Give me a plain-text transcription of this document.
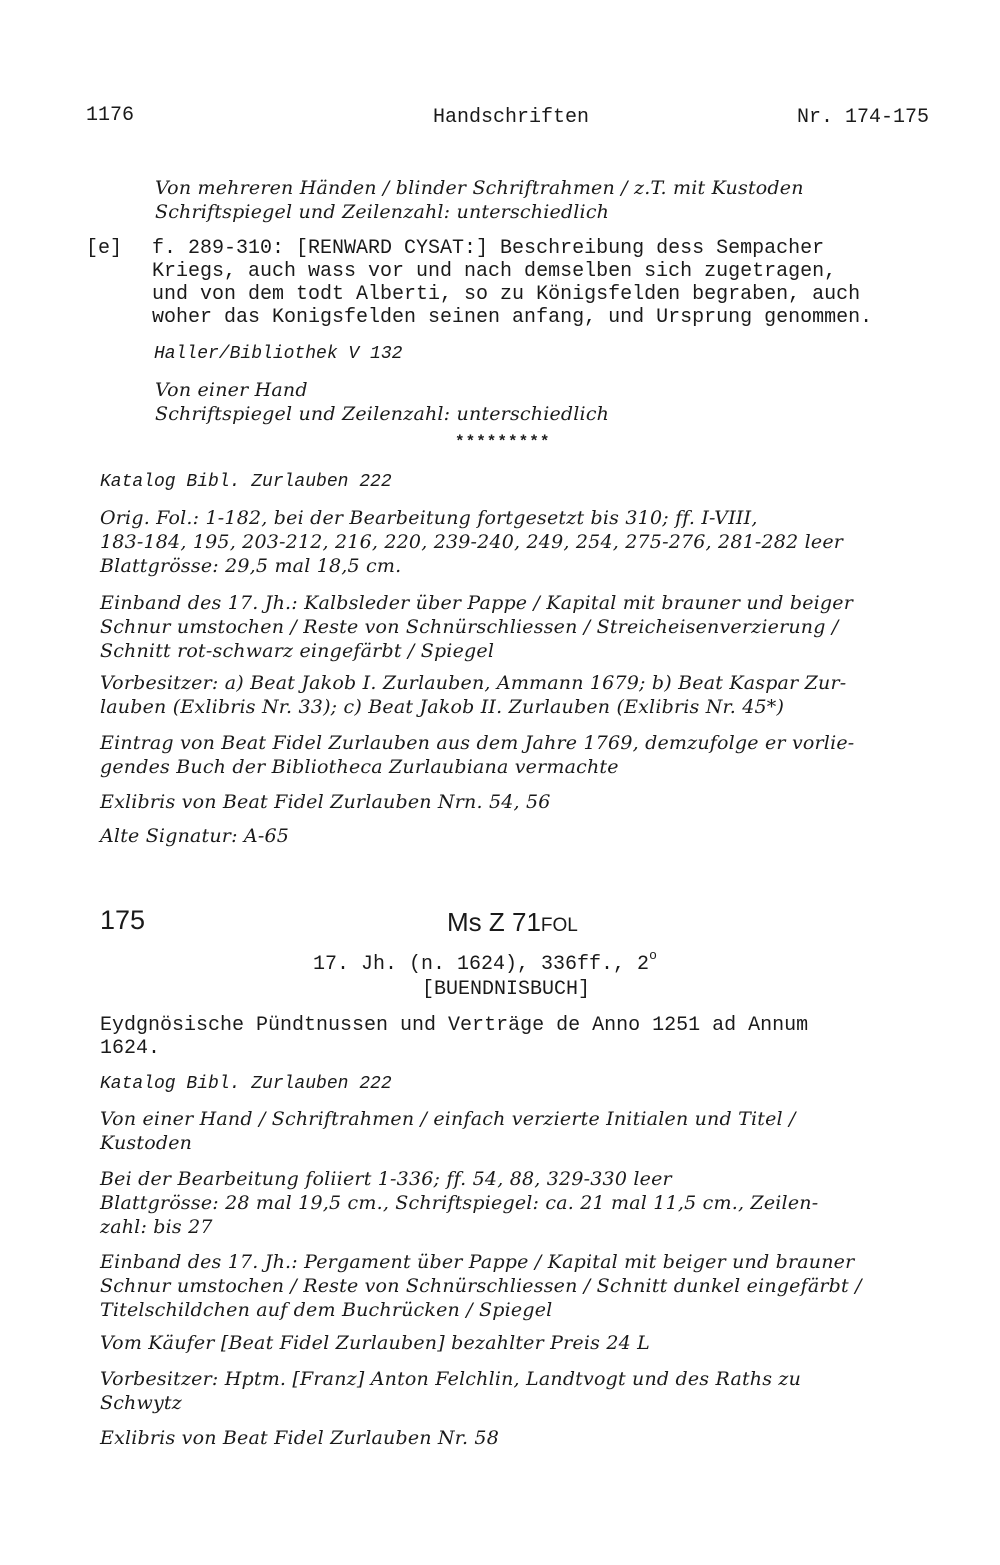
1176	Handschriften	Nr. 174-175
Von mehreren Händen / blinder Schriftrahmen / z.T. mit Kustoden
Schriftspiegel und Zeilenzahl: unterschiedlich
[e] f. 289-310: [RENWARD CYSAT:] Beschreibung dess Sempacher
Kriegs, auch wass vor und nach demselben sich zugetragen,
und von dem todt Alberti, so zu Königsfelden begraben, auch
woher das Konigsfelden seinen anfang, und Ursprung genommen.
Haller/Bibliothek V 132
Von einer Hand
Schriftspiegel und Zeilenzahl: unterschiedlich
*********
Katalog Bibl. Zurlauben 222
Orig. Fol.: 1-182, bei der Bearbeitung fortgesetzt bis 310; ff. I-VIII,
183-184, 195, 203-212, 216, 220, 239-240, 249, 254, 275-276, 281-282 leer
Blattgrösse: 29,5 mal 18,5 cm.
Einband des 17. Jh.: Kalbsleder über Pappe / Kapital mit brauner und beiger
Schnur umstochen / Reste von Schnürschliessen / Streicheisenverzierung /
Schnitt rot-schwarz eingefärbt / Spiegel
Vorbesitzer: a) Beat Jakob I. Zurlauben, Ammann 1679; b) Beat Kaspar Zur-
lauben (Exlibris Nr. 33); c) Beat Jakob II. Zurlauben (Exlibris Nr. 45*)
Eintrag von Beat Fidel Zurlauben aus dem Jahre 1769, demzufolge er vorlie-
gendes Buch der Bibliotheca Zurlaubiana vermachte
Exlibris von Beat Fidel Zurlauben Nrn. 54, 56
Alte Signatur: A-65
175	Ms Z 71FOL
17. Jh. (n. 1624), 336ff., 2$^o$
[BUENDNISBUCH]
Eydgnösische Pündtnussen und Verträge de Anno 1251 ad Annum
1624.
Katalog Bibl. Zurlauben 222
Von einer Hand / Schriftrahmen / einfach verzierte Initialen und Titel /
Kustoden
Bei der Bearbeitung foliiert 1-336; ff. 54, 88, 329-330 leer
Blattgrösse: 28 mal 19,5 cm., Schriftspiegel: ca. 21 mal 11,5 cm., Zeilen-
zahl: bis 27
Einband des 17. Jh.: Pergament über Pappe / Kapital mit beiger und brauner
Schnur umstochen / Reste von Schnürschliessen / Schnitt dunkel eingefärbt /
Titelschildchen auf dem Buchrücken / Spiegel
Vom Käufer [Beat Fidel Zurlauben] bezahlter Preis 24 L
Vorbesitzer: Hptm. [Franz] Anton Felchlin, Landtvogt und des Raths zu
Schwytz
Exlibris von Beat Fidel Zurlauben Nr. 58
